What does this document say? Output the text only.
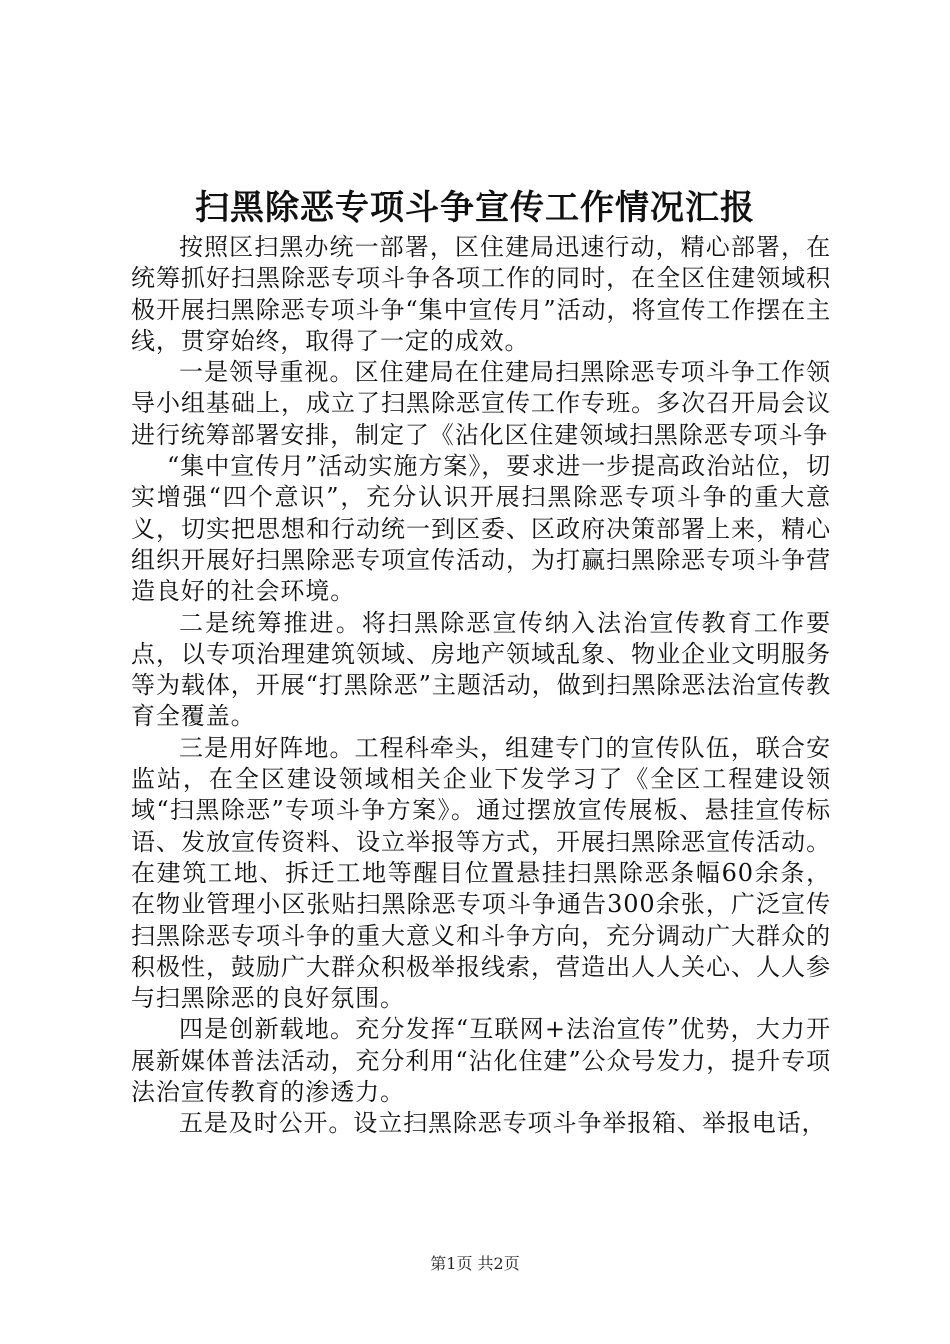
扫黑除恶专项斗争宣传工作情况汇报

按照区扫黑办统一部署，区住建局迅速行动，精心部署，在统筹抓好扫黑除恶专项斗争各项工作的同时，在全区住建领域积极开展扫黑除恶专项斗争“集中宣传月”活动，将宣传工作摆在主线，贯穿始终，取得了一定的成效。

一是领导重视。区住建局在住建局扫黑除恶专项斗争工作领导小组基础上，成立了扫黑除恶宣传工作专班。多次召开局会议进行统筹部署安排，制定了《沾化区住建领域扫黑除恶专项斗争

“集中宣传月”活动实施方案》，要求进一步提高政治站位，切实增强“四个意识”，充分认识开展扫黑除恶专项斗争的重大意义，切实把思想和行动统一到区委、区政府决策部署上来，精心组织开展好扫黑除恶专项宣传活动，为打赢扫黑除恶专项斗争营造良好的社会环境。

二是统筹推进。将扫黑除恶宣传纳入法治宣传教育工作要点，以专项治理建筑领域、房地产领域乱象、物业企业文明服务等为载体，开展“打黑除恶”主题活动，做到扫黑除恶法治宣传教育全覆盖。

三是用好阵地。工程科牵头，组建专门的宣传队伍，联合安监站，在全区建设领域相关企业下发学习了《全区工程建设领域“扫黑除恶”专项斗争方案》。通过摆放宣传展板、悬挂宣传标语、发放宣传资料、设立举报等方式，开展扫黑除恶宣传活动。在建筑工地、拆迁工地等醒目位置悬挂扫黑除恶条幅60余条，在物业管理小区张贴扫黑除恶专项斗争通告300余张，广泛宣传扫黑除恶专项斗争的重大意义和斗争方向，充分调动广大群众的积极性，鼓励广大群众积极举报线索，营造出人人关心、人人参与扫黑除恶的良好氛围。

四是创新载地。充分发挥“互联网+法治宣传”优势，大力开展新媒体普法活动，充分利用“沾化住建”公众号发力，提升专项法治宣传教育的渗透力。

五是及时公开。设立扫黑除恶专项斗争举报箱、举报电话，

第1页 共2页
